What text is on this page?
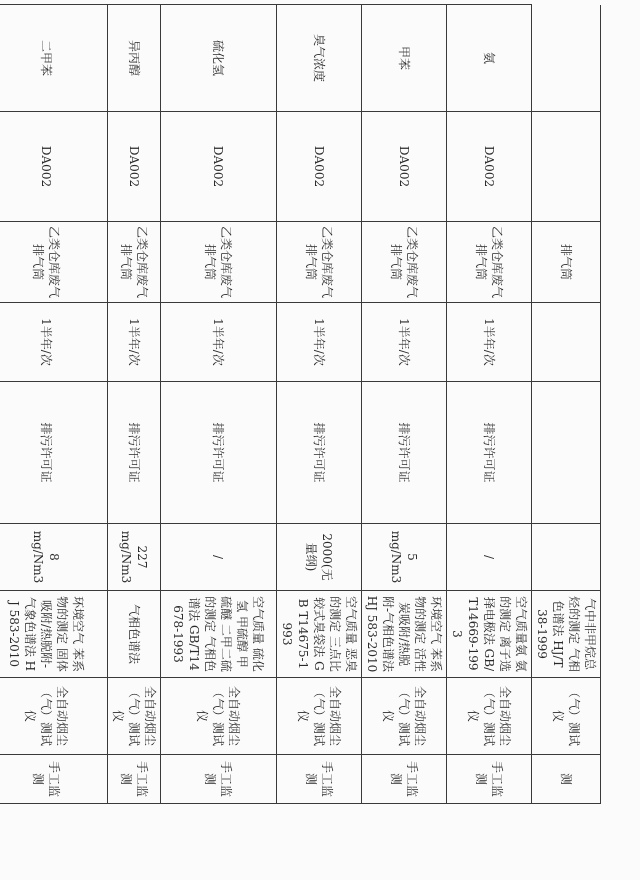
		排气筒				气中非甲烷总烃的测定 气相色谱法 HJ/T 38-1999	（气）测试仪	测
氨	DA002	乙类仓库废气排气筒	1半年/次	排污许可证	/	空气质量氨 氨的测定 离子选择电极法 GB/T14669-1993	全自动烟尘（气）测试仪	手工监测
甲苯	DA002	乙类仓库废气排气筒	1半年/次	排污许可证	5 mg/Nm3	环境空气 苯系物的测定 活性炭吸附/热脱附-气相色谱法 HJ 583-2010	全自动烟尘（气）测试仪	手工监测
臭气浓度	DA002	乙类仓库废气排气筒	1半年/次	排污许可证	2000(无量纲)	空气质量 恶臭的测定 三点比较式臭袋法 GB T14675-1993	全自动烟尘（气）测试仪	手工监测
硫化氢	DA002	乙类仓库废气排气筒	1半年/次	排污许可证	/	空气质量 硫化氢 甲硫醇 甲硫醚 二甲二硫的测定 气相色谱法 GB/T14678-1993	全自动烟尘（气）测试仪	手工监测
异丙醇	DA002	乙类仓库废气排气筒	1半年/次	排污许可证	227 mg/Nm3	气相色谱法	全自动烟尘（气）测试仪	手工监测
二甲苯	DA002	乙类仓库废气排气筒	1半年/次	排污许可证	8 mg/Nm3	环境空气 苯系物的测定 固体吸附/热脱附-气象色谱法 HJ 583-2010	全自动烟尘（气）测试仪	手工监测
